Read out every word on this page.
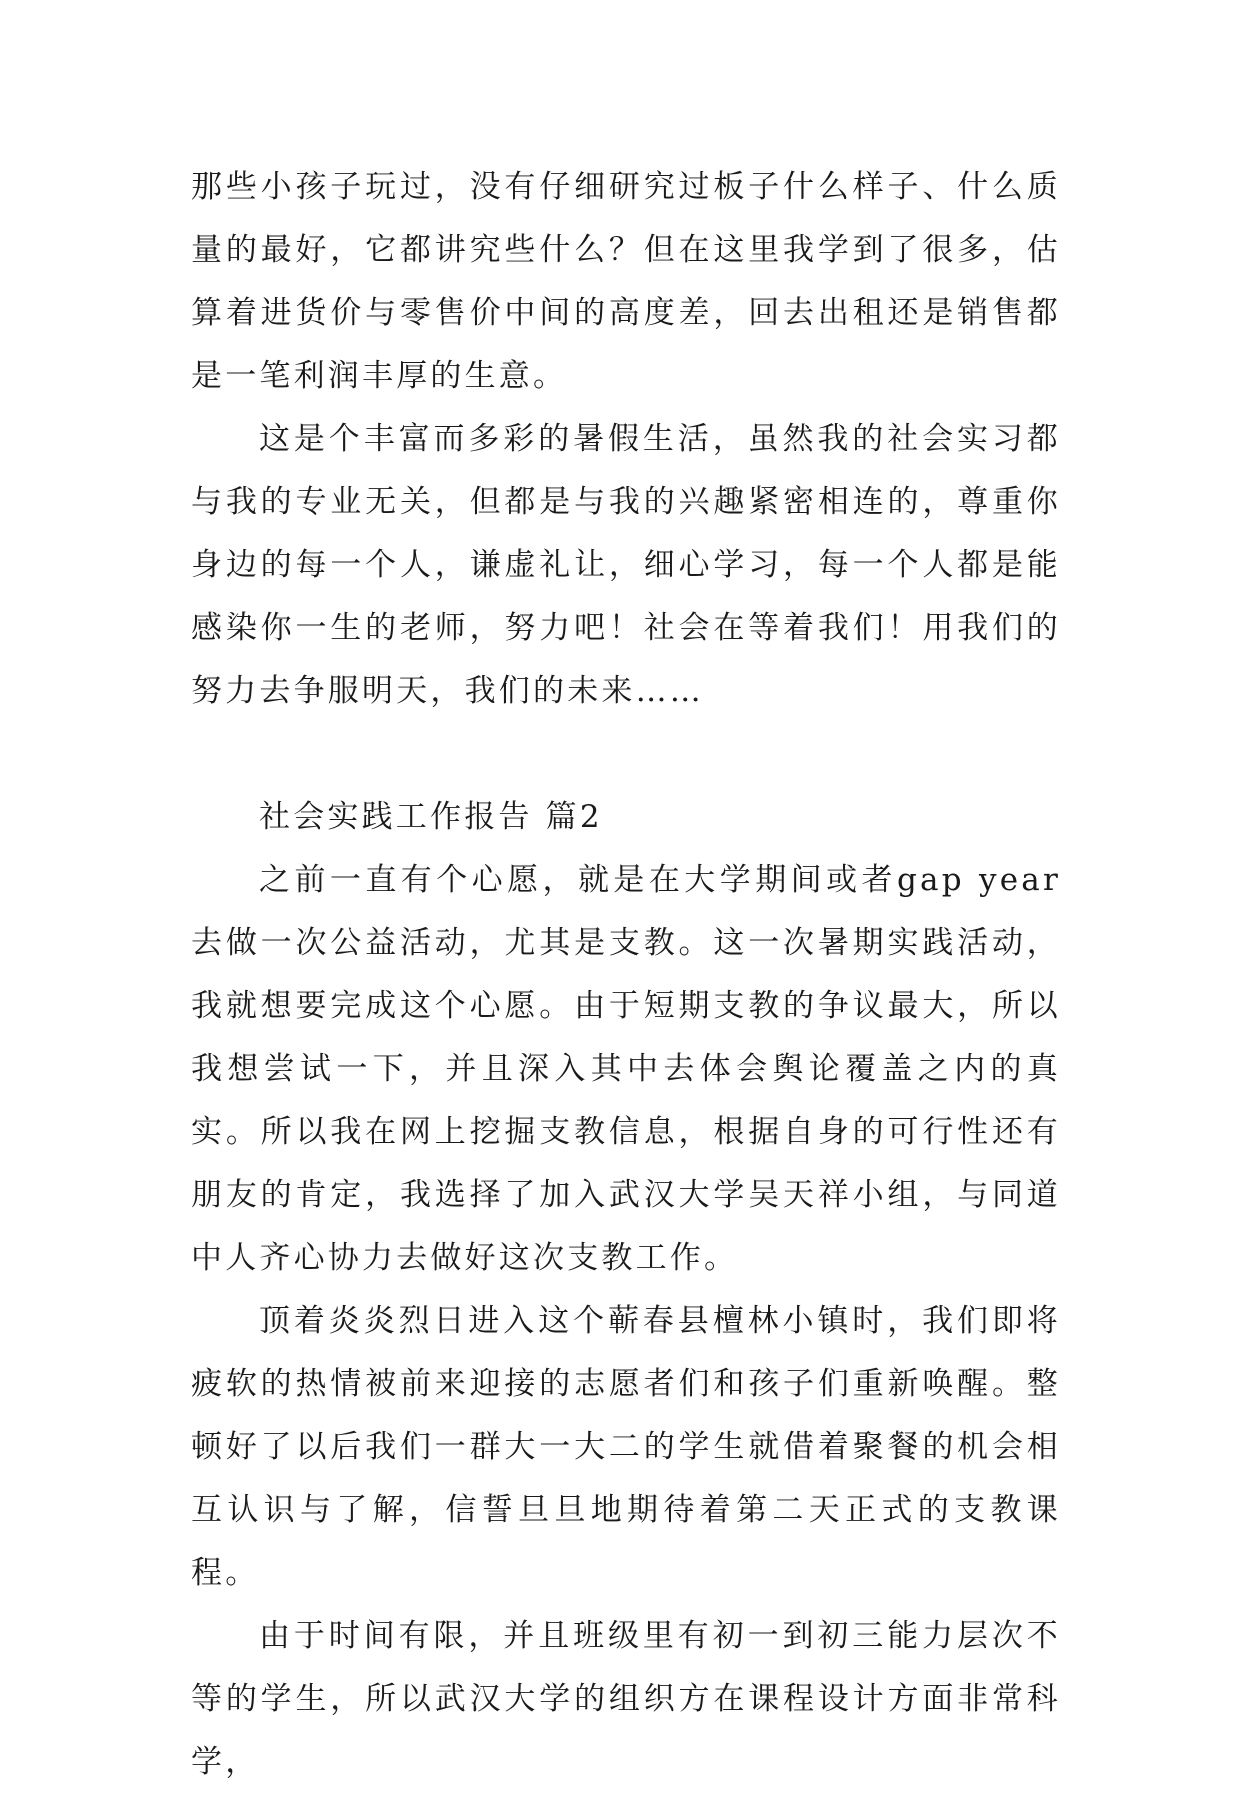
那些小孩子玩过，没有仔细研究过板子什么样子、什么质量的最好，它都讲究些什么？但在这里我学到了很多，估算着进货价与零售价中间的高度差，回去出租还是销售都是一笔利润丰厚的生意。

这是个丰富而多彩的暑假生活，虽然我的社会实习都与我的专业无关，但都是与我的兴趣紧密相连的，尊重你身边的每一个人，谦虚礼让，细心学习，每一个人都是能感染你一生的老师，努力吧！社会在等着我们！用我们的努力去争服明天，我们的未来……

社会实践工作报告 篇2

之前一直有个心愿，就是在大学期间或者gap year 去做一次公益活动，尤其是支教。这一次暑期实践活动，我就想要完成这个心愿。由于短期支教的争议最大，所以我想尝试一下，并且深入其中去体会舆论覆盖之内的真实。所以我在网上挖掘支教信息，根据自身的可行性还有朋友的肯定，我选择了加入武汉大学吴天祥小组，与同道中人齐心协力去做好这次支教工作。

顶着炎炎烈日进入这个蕲春县檀林小镇时，我们即将疲软的热情被前来迎接的志愿者们和孩子们重新唤醒。整顿好了以后我们一群大一大二的学生就借着聚餐的机会相互认识与了解，信誓旦旦地期待着第二天正式的支教课程。

由于时间有限，并且班级里有初一到初三能力层次不等的学生，所以武汉大学的组织方在课程设计方面非常科学，
